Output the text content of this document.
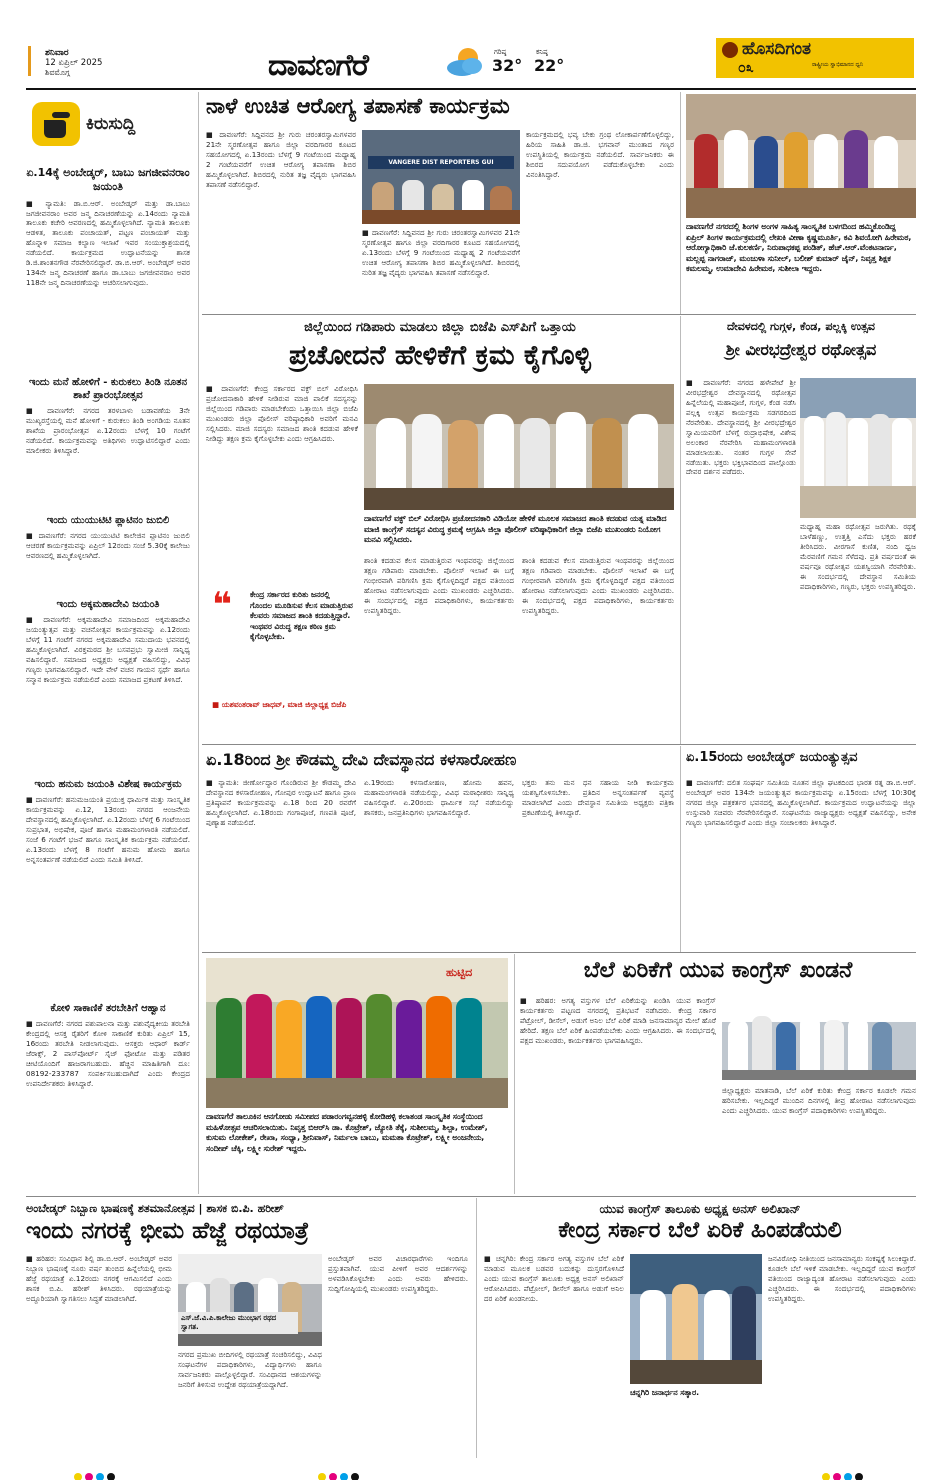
ಶನಿವಾರ
12 ಏಪ್ರಿಲ್ 2025
ಶಿವಮೊಗ್ಗ	ದಾವಣಗೆರೆ	ಗರಿಷ್ಠ
32°
ಕನಿಷ್ಠ
22°
ಹೊಸದಿಗಂತ
ರಾಷ್ಟ್ರೀಯ ಸ್ವಾಭಿಮಾನದ ಧ್ವನಿ
೦೩
ಕಿರುಸುದ್ದಿ
ಏ.14ಕ್ಕೆ ಅಂಬೇಡ್ಕರ್, ಬಾಬು ಜಗಜೀವನರಾಂ ಜಯಂತಿ
■ ನ್ಯಾಮತಿ: ಡಾ.ಬಿ.ಆರ್. ಅಂಬೇಡ್ಕರ್ ಮತ್ತು ಡಾ.ಬಾಬು ಜಗಜೀವನರಾಂ ಅವರ ಜನ್ಮ ದಿನಾಚರಣೆಯನ್ನು ಏ.14ರಂದು ನ್ಯಾಮತಿ ತಾಲೂಕು ಕಚೇರಿ ಆವರಣದಲ್ಲಿ ಹಮ್ಮಿಕೊಳ್ಳಲಾಗಿದೆ. ನ್ಯಾಮತಿ ತಾಲೂಕು ಆಡಳಿತ, ತಾಲೂಕು ಪಂಚಾಯತ್, ಪಟ್ಟಣ ಪಂಚಾಯತ್ ಮತ್ತು ಹೊನ್ನಾಳಿ ಸಮಾಜ ಕಲ್ಯಾಣ ಇಲಾಖೆ ಇವರ ಸಂಯುಕ್ತಾಶ್ರಯದಲ್ಲಿ ನಡೆಯಲಿದೆ. ಕಾರ್ಯಕ್ರಮದ ಉದ್ಘಾಟನೆಯನ್ನು ಶಾಸಕ ಡಿ.ಜಿ.ಶಾಂತನಗೌಡ ನೆರವೇರಿಸಲಿದ್ದಾರೆ. ಡಾ.ಬಿ.ಆರ್. ಅಂಬೇಡ್ಕರ್ ಅವರ 134ನೇ ಜನ್ಮ ದಿನಾಚರಣೆ ಹಾಗೂ ಡಾ.ಬಾಬು ಜಗಜೀವನರಾಂ ಅವರ 118ನೇ ಜನ್ಮ ದಿನಾಚರಣೆಯನ್ನು ಆಚರಿಸಲಾಗುವುದು.
ಇಂದು ಮನೆ ಹೋಳಿಗೆ - ಕುರುಕಲು ತಿಂಡಿ ನೂತನ ಶಾಖೆ ಪ್ರಾರಂಭೋತ್ಸವ
■ ದಾವಣಗೆರೆ: ನಗರದ ತರಳಬಾಳು ಬಡಾವಣೆಯ 3ನೇ ಮುಖ್ಯರಸ್ತೆಯಲ್ಲಿ ಮನೆ ಹೋಳಿಗೆ - ಕುರುಕಲು ತಿಂಡಿ ಅಂಗಡಿಯ ನೂತನ ಶಾಖೆಯ ಪ್ರಾರಂಭೋತ್ಸವ ಏ.12ರಂದು ಬೆಳಗ್ಗೆ 10 ಗಂಟೆಗೆ ನಡೆಯಲಿದೆ. ಕಾರ್ಯಕ್ರಮವನ್ನು ಅತಿಥಿಗಳು ಉದ್ಘಾಟಿಸಲಿದ್ದಾರೆ ಎಂದು ಮಾಲೀಕರು ತಿಳಿಸಿದ್ದಾರೆ.
ಇಂದು ಯುಯುಟಿಟಿ ಪ್ಲಾಟಿನಂ ಜುಬಿಲಿ
■ ದಾವಣಗೆರೆ: ನಗರದ ಯುಯುಟಿಟಿ ಕಾಲೇಜಿನ ಪ್ಲಾಟಿನಂ ಜುಬಿಲಿ ಆಚರಣೆ ಕಾರ್ಯಕ್ರಮವನ್ನು ಏಪ್ರಿಲ್ 12ರಂದು ಸಂಜೆ 5.30ಕ್ಕೆ ಕಾಲೇಜು ಆವರಣದಲ್ಲಿ ಹಮ್ಮಿಕೊಳ್ಳಲಾಗಿದೆ.
ಇಂದು ಅಕ್ಕಮಹಾದೇವಿ ಜಯಂತಿ
■ ದಾವಣಗೆರೆ: ಅಕ್ಕಮಹಾದೇವಿ ಸಮಾಜದಿಂದ ಅಕ್ಕಮಹಾದೇವಿ ಜಯಂತ್ಯುತ್ಸವ ಮತ್ತು ವಚನೋತ್ಸವ ಕಾರ್ಯಕ್ರಮವನ್ನು ಏ.12ರಂದು ಬೆಳಗ್ಗೆ 11 ಗಂಟೆಗೆ ನಗರದ ಅಕ್ಕಮಹಾದೇವಿ ಸಮುದಾಯ ಭವನದಲ್ಲಿ ಹಮ್ಮಿಕೊಳ್ಳಲಾಗಿದೆ. ವಿರಕ್ತಮಠದ ಶ್ರೀ ಬಸವಪ್ರಭು ಸ್ವಾಮೀಜಿ ಸಾನ್ನಿಧ್ಯ ವಹಿಸಲಿದ್ದಾರೆ. ಸಮಾಜದ ಅಧ್ಯಕ್ಷರು ಅಧ್ಯಕ್ಷತೆ ವಹಿಸಲಿದ್ದು, ವಿವಿಧ ಗಣ್ಯರು ಭಾಗವಹಿಸಲಿದ್ದಾರೆ. ಇದೇ ವೇಳೆ ವಚನ ಗಾಯನ ಸ್ಪರ್ಧೆ ಹಾಗೂ ಸನ್ಮಾನ ಕಾರ್ಯಕ್ರಮ ನಡೆಯಲಿದೆ ಎಂದು ಸಮಾಜದ ಪ್ರಕಟಣೆ ತಿಳಿಸಿದೆ.
ಇಂದು ಹನುಮ ಜಯಂತಿ ವಿಶೇಷ ಕಾರ್ಯಕ್ರಮ
■ ದಾವಣಗೆರೆ: ಹನುಮಜಯಂತಿ ಪ್ರಯುಕ್ತ ಧಾರ್ಮಿಕ ಮತ್ತು ಸಾಂಸ್ಕೃತಿಕ ಕಾರ್ಯಕ್ರಮವನ್ನು ಏ.12, 13ರಂದು ನಗರದ ಆಂಜನೇಯ ದೇವಸ್ಥಾನದಲ್ಲಿ ಹಮ್ಮಿಕೊಳ್ಳಲಾಗಿದೆ. ಏ.12ರಂದು ಬೆಳಗ್ಗೆ 6 ಗಂಟೆಯಿಂದ ಸುಪ್ರಭಾತ, ಅಭಿಷೇಕ, ಪೂಜೆ ಹಾಗೂ ಮಹಾಮಂಗಳಾರತಿ ನಡೆಯಲಿದೆ. ಸಂಜೆ 6 ಗಂಟೆಗೆ ಭಜನೆ ಹಾಗೂ ಸಾಂಸ್ಕೃತಿಕ ಕಾರ್ಯಕ್ರಮ ನಡೆಯಲಿದೆ. ಏ.13ರಂದು ಬೆಳಗ್ಗೆ 8 ಗಂಟೆಗೆ ಹನುಮ ಹೋಮ ಹಾಗೂ ಅನ್ನಸಂತರ್ಪಣೆ ನಡೆಯಲಿದೆ ಎಂದು ಸಮಿತಿ ತಿಳಿಸಿದೆ.
ಕೋಳಿ ಸಾಕಾಣಿಕೆ ತರಬೇತಿಗೆ ಆಹ್ವಾನ
■ ದಾವಣಗೆರೆ: ನಗರದ ಪಶುಪಾಲನಾ ಮತ್ತು ಪಶುವೈದ್ಯಕೀಯ ತರಬೇತಿ ಕೇಂದ್ರದಲ್ಲಿ ಆಸಕ್ತ ರೈತರಿಗೆ ಕೋಳಿ ಸಾಕಾಣಿಕೆ ಕುರಿತು ಏಪ್ರಿಲ್ 15, 16ರಂದು ತರಬೇತಿ ನೀಡಲಾಗುವುದು. ಆಸಕ್ತರು ಆಧಾರ್ ಕಾರ್ಡ್ ಜೆರಾಕ್ಸ್, 2 ಪಾಸ್‌ಪೋರ್ಟ್ ಸೈಜ್ ಫೋಟೋ ಮತ್ತು ಪಡಿತರ ಚೀಟಿಯೊಂದಿಗೆ ಹಾಜರಾಗಬಹುದು. ಹೆಚ್ಚಿನ ಮಾಹಿತಿಗಾಗಿ ದೂ: 08192-233787 ಸಂಪರ್ಕಿಸಬಹುದಾಗಿದೆ ಎಂದು ಕೇಂದ್ರದ ಉಪನಿರ್ದೇಶಕರು ತಿಳಿಸಿದ್ದಾರೆ.
ನಾಳೆ ಉಚಿತ ಆರೋಗ್ಯ ತಪಾಸಣೆ ಕಾರ್ಯಕ್ರಮ
■ ದಾವಣಗೆರೆ: ಸಿದ್ದಿವನದ ಶ್ರೀ ಗುರು ಚರಂತರಸ್ವಾಮಿಗಳವರ 21ನೇ ಸ್ಮರಣೋತ್ಸವ ಹಾಗೂ ಜಿಲ್ಲಾ ವರದಿಗಾರರ ಕೂಟದ ಸಹಯೋಗದಲ್ಲಿ ಏ.13ರಂದು ಬೆಳಗ್ಗೆ 9 ಗಂಟೆಯಿಂದ ಮಧ್ಯಾಹ್ನ 2 ಗಂಟೆಯವರೆಗೆ ಉಚಿತ ಆರೋಗ್ಯ ತಪಾಸಣಾ ಶಿಬಿರ ಹಮ್ಮಿಕೊಳ್ಳಲಾಗಿದೆ. ಶಿಬಿರದಲ್ಲಿ ನುರಿತ ತಜ್ಞ ವೈದ್ಯರು ಭಾಗವಹಿಸಿ ತಪಾಸಣೆ ನಡೆಸಲಿದ್ದಾರೆ.
VANGERE DIST REPORTERS GUI
■ ದಾವಣಗೆರೆ: ಸಿದ್ದಿವನದ ಶ್ರೀ ಗುರು ಚರಂತರಸ್ವಾಮಿಗಳವರ 21ನೇ ಸ್ಮರಣೋತ್ಸವ ಹಾಗೂ ಜಿಲ್ಲಾ ವರದಿಗಾರರ ಕೂಟದ ಸಹಯೋಗದಲ್ಲಿ ಏ.13ರಂದು ಬೆಳಗ್ಗೆ 9 ಗಂಟೆಯಿಂದ ಮಧ್ಯಾಹ್ನ 2 ಗಂಟೆಯವರೆಗೆ ಉಚಿತ ಆರೋಗ್ಯ ತಪಾಸಣಾ ಶಿಬಿರ ಹಮ್ಮಿಕೊಳ್ಳಲಾಗಿದೆ. ಶಿಬಿರದಲ್ಲಿ ನುರಿತ ತಜ್ಞ ವೈದ್ಯರು ಭಾಗವಹಿಸಿ ತಪಾಸಣೆ ನಡೆಸಲಿದ್ದಾರೆ.
ಕಾರ್ಯಕ್ರಮದಲ್ಲಿ ಭವ್ಯ ಬೇಕು ಗ್ರಂಥ ಲೋಕಾರ್ಪಣೆಗೊಳ್ಳಲಿದ್ದು, ಹಿರಿಯ ಸಾಹಿತಿ ಡಾ.ಜಿ. ಭಗವಾನ್ ಮುಂತಾದ ಗಣ್ಯರ ಉಪಸ್ಥಿತಿಯಲ್ಲಿ ಕಾರ್ಯಕ್ರಮ ನಡೆಯಲಿದೆ. ಸಾರ್ವಜನಿಕರು ಈ ಶಿಬಿರದ ಸದುಪಯೋಗ ಪಡೆದುಕೊಳ್ಳಬೇಕು ಎಂದು ವಿನಂತಿಸಿದ್ದಾರೆ.
ದಾವಣಗೆರೆ ನಗರದಲ್ಲಿ ಶಿಂಗಳ ಅಂಗಳ ಸಾಹಿತ್ಯ ಸಾಂಸ್ಕೃತಿಕ ಬಳಗದಿಂದ ಹಮ್ಮಿಕೊಂಡಿದ್ದ ಏಪ್ರಿಲ್ ತಿಂಗಳ ಕಾರ್ಯಕ್ರಮದಲ್ಲಿ ಲೇಖಕಿ ವೀಣಾ ಕೃಷ್ಣಮೂರ್ತಿ, ಕವಿ ಶಿವಯೋಗಿ ಹಿರೇಮಠ, ಆರೋಗ್ಯಾಧಿಕಾರಿ ಜೆ.ಕುಲಕರ್ಣಿ, ನಿರುಪಾಧಕಪ್ಪ ಪಂಡಿತ್, ಹೆಚ್.ಆರ್.ವೆಂಕಟನಾರ್ಣ, ಮಲ್ಲಪ್ಪ ನಾಗರಾಜ್, ಮಂಜುಳಾ ಸುನೀಲ್, ಬಲೀಶ್ ಕುಮಾರ್ ಜೈನ್, ನಿವೃತ್ತ ಶಿಕ್ಷಕ ಕಮಲಮ್ಮ, ಉಮಾದೇವಿ ಹಿರೇಮಠ, ಸುಶೀಲಾ ಇದ್ದರು.
ಜಿಲ್ಲೆಯಿಂದ ಗಡಿಪಾರು ಮಾಡಲು ಜಿಲ್ಲಾ ಬಿಜೆಪಿ ಎಸ್‌ಪಿಗೆ ಒತ್ತಾಯ
ಪ್ರಚೋದನೆ ಹೇಳಿಕೆಗೆ ಕ್ರಮ ಕೈಗೊಳ್ಳಿ
■ ದಾವಣಗೆರೆ: ಕೇಂದ್ರ ಸರ್ಕಾರದ ವಕ್ಫ್ ಬಿಲ್ ವಿರೋಧಿಸಿ ಪ್ರಚೋದನಾಕಾರಿ ಹೇಳಿಕೆ ನೀಡಿರುವ ಮಾಜಿ ಪಾಲಿಕೆ ಸದಸ್ಯನನ್ನು ಜಿಲ್ಲೆಯಿಂದ ಗಡಿಪಾರು ಮಾಡಬೇಕೆಂದು ಒತ್ತಾಯಿಸಿ ಜಿಲ್ಲಾ ಬಿಜೆಪಿ ಮುಖಂಡರು ಜಿಲ್ಲಾ ಪೊಲೀಸ್ ವರಿಷ್ಠಾಧಿಕಾರಿ ಅವರಿಗೆ ಮನವಿ ಸಲ್ಲಿಸಿದರು. ಮಾಜಿ ಸದಸ್ಯರು ಸಮಾಜದ ಶಾಂತಿ ಕದಡುವ ಹೇಳಿಕೆ ನೀಡಿದ್ದು ತಕ್ಷಣ ಕ್ರಮ ಕೈಗೊಳ್ಳಬೇಕು ಎಂದು ಆಗ್ರಹಿಸಿದರು.
ದಾವಣಗೆರೆ ವಕ್ಫ್ ಬಿಲ್ ವಿರೋಧಿಸಿ ಪ್ರಚೋದನಕಾರಿ ವಿಡಿಯೋ ಹೇಳಿಕೆ ಮೂಲಕ ಸಮಾಜದ ಶಾಂತಿ ಕದಡುವ ಯತ್ನ ಮಾಡಿದ ಮಾಜಿ ಕಾಂಗ್ರೆಸ್ ಸದಸ್ಯನ ವಿರುದ್ಧ ಕ್ರಮಕ್ಕೆ ಆಗ್ರಹಿಸಿ ಜಿಲ್ಲಾ ಪೊಲೀಸ್ ವರಿಷ್ಠಾಧಿಕಾರಿಗೆ ಜಿಲ್ಲಾ ಬಿಜೆಪಿ ಮುಖಂಡರು ನಿಯೋಗ ಮನವಿ ಸಲ್ಲಿಸಿದರು.
❝ ಕೇಂದ್ರ ಸರ್ಕಾರದ ಕುರಿತು ಜನರಲ್ಲಿ ಗೊಂದಲ ಮೂಡಿಸುವ ಕೆಲಸ ಮಾಡುತ್ತಿರುವ ಕೆಲವರು ಸಮಾಜದ ಶಾಂತಿ ಕದಡುತ್ತಿದ್ದಾರೆ. ಇಂಥವರ ವಿರುದ್ಧ ತಕ್ಷಣ ಕಠಿಣ ಕ್ರಮ ಕೈಗೊಳ್ಳಬೇಕು.
■ ಯಶವಂತರಾವ್ ಜಾಧವ್, ಮಾಜಿ ಜಿಲ್ಲಾಧ್ಯಕ್ಷ ಬಿಜೆಪಿ
ಶಾಂತಿ ಕದಡುವ ಕೆಲಸ ಮಾಡುತ್ತಿರುವ ಇಂಥವರನ್ನು ಜಿಲ್ಲೆಯಿಂದ ತಕ್ಷಣ ಗಡಿಪಾರು ಮಾಡಬೇಕು. ಪೊಲೀಸ್ ಇಲಾಖೆ ಈ ಬಗ್ಗೆ ಗಂಭೀರವಾಗಿ ಪರಿಗಣಿಸಿ ಕ್ರಮ ಕೈಗೊಳ್ಳದಿದ್ದರೆ ಪಕ್ಷದ ವತಿಯಿಂದ ಹೋರಾಟ ನಡೆಸಲಾಗುವುದು ಎಂದು ಮುಖಂಡರು ಎಚ್ಚರಿಸಿದರು. ಈ ಸಂದರ್ಭದಲ್ಲಿ ಪಕ್ಷದ ಪದಾಧಿಕಾರಿಗಳು, ಕಾರ್ಯಕರ್ತರು ಉಪಸ್ಥಿತರಿದ್ದರು.
ಶಾಂತಿ ಕದಡುವ ಕೆಲಸ ಮಾಡುತ್ತಿರುವ ಇಂಥವರನ್ನು ಜಿಲ್ಲೆಯಿಂದ ತಕ್ಷಣ ಗಡಿಪಾರು ಮಾಡಬೇಕು. ಪೊಲೀಸ್ ಇಲಾಖೆ ಈ ಬಗ್ಗೆ ಗಂಭೀರವಾಗಿ ಪರಿಗಣಿಸಿ ಕ್ರಮ ಕೈಗೊಳ್ಳದಿದ್ದರೆ ಪಕ್ಷದ ವತಿಯಿಂದ ಹೋರಾಟ ನಡೆಸಲಾಗುವುದು ಎಂದು ಮುಖಂಡರು ಎಚ್ಚರಿಸಿದರು. ಈ ಸಂದರ್ಭದಲ್ಲಿ ಪಕ್ಷದ ಪದಾಧಿಕಾರಿಗಳು, ಕಾರ್ಯಕರ್ತರು ಉಪಸ್ಥಿತರಿದ್ದರು.
ದೇವಳದಲ್ಲಿ ಗುಗ್ಗಳ, ಕೆಂಡ, ಪಲ್ಲಕ್ಕಿ ಉತ್ಸವ
ಶ್ರೀ ವೀರಭದ್ರೇಶ್ವರ ರಥೋತ್ಸವ
■ ದಾವಣಗೆರೆ: ನಗರದ ಹಳೇಪೇಟೆ ಶ್ರೀ ವೀರಭದ್ರೇಶ್ವರ ದೇವಸ್ಥಾನದಲ್ಲಿ ರಥೋತ್ಸವ ಹಿನ್ನೆಲೆಯಲ್ಲಿ ಮಹಾಪೂಜೆ, ಗುಗ್ಗಳ, ಕೆಂಡ ನಡೆಸಿ ಪಲ್ಲಕ್ಕಿ ಉತ್ಸವ ಕಾರ್ಯಕ್ರಮ ಸಡಗರದಿಂದ ನೆರವೇರಿತು. ದೇವಸ್ಥಾನದಲ್ಲಿ ಶ್ರೀ ವೀರಭದ್ರೇಶ್ವರ ಸ್ವಾಮಿಯವರಿಗೆ ಬೆಳಗ್ಗೆ ರುದ್ರಾಭಿಷೇಕ, ವಿಶೇಷ ಅಲಂಕಾರ ನೆರವೇರಿಸಿ ಮಹಾಮಂಗಳಾರತಿ ಮಾಡಲಾಯಿತು. ನಂತರ ಗುಗ್ಗಳ ಸೇವೆ ನಡೆಯಿತು. ಭಕ್ತರು ಭಕ್ತಿಭಾವದಿಂದ ಪಾಲ್ಗೊಂಡು ದೇವರ ದರ್ಶನ ಪಡೆದರು.
ಮಧ್ಯಾಹ್ನ ಮಹಾ ರಥೋತ್ಸವ ಜರುಗಿತು. ರಥಕ್ಕೆ ಬಾಳೆಹಣ್ಣು, ಉತ್ತತ್ತಿ ಎಸೆದು ಭಕ್ತರು ಹರಕೆ ತೀರಿಸಿದರು. ವೀರಗಾಸೆ ಕುಣಿತ, ನಂದಿ ಧ್ವಜ ಮೆರವಣಿಗೆ ಗಮನ ಸೆಳೆದವು. ಪ್ರತಿ ವರ್ಷದಂತೆ ಈ ವರ್ಷವೂ ರಥೋತ್ಸವ ಯಶಸ್ವಿಯಾಗಿ ನೆರವೇರಿತು. ಈ ಸಂದರ್ಭದಲ್ಲಿ ದೇವಸ್ಥಾನ ಸಮಿತಿಯ ಪದಾಧಿಕಾರಿಗಳು, ಗಣ್ಯರು, ಭಕ್ತರು ಉಪಸ್ಥಿತರಿದ್ದರು.
ಏ.18ರಿಂದ ಶ್ರೀ ಕೌಡಮ್ಮ ದೇವಿ ದೇವಸ್ಥಾನದ ಕಳಸಾರೋಹಣ
■ ನ್ಯಾಮತಿ: ಜೀರ್ಣೋದ್ಧಾರ ಗೊಂಡಿರುವ ಶ್ರೀ ಕೌಡಮ್ಮ ದೇವಿ ದೇವಸ್ಥಾನದ ಕಳಸಾರೋಹಣ, ಗೋಪುರ ಉದ್ಘಾಟನೆ ಹಾಗೂ ಪ್ರಾಣ ಪ್ರತಿಷ್ಠಾಪನೆ ಕಾರ್ಯಕ್ರಮವನ್ನು ಏ.18 ರಿಂದ 20 ರವರೆಗೆ ಹಮ್ಮಿಕೊಳ್ಳಲಾಗಿದೆ. ಏ.18ರಂದು ಗಂಗಾಪೂಜೆ, ಗಣಪತಿ ಪೂಜೆ, ಪುಣ್ಯಾಹ ನಡೆಯಲಿದೆ.
ಏ.19ರಂದು ಕಳಸಾರೋಹಣ, ಹೋಮ ಹವನ, ಮಹಾಮಂಗಳಾರತಿ ನಡೆಯಲಿದ್ದು, ವಿವಿಧ ಮಠಾಧೀಶರು ಸಾನ್ನಿಧ್ಯ ವಹಿಸಲಿದ್ದಾರೆ. ಏ.20ರಂದು ಧಾರ್ಮಿಕ ಸಭೆ ನಡೆಯಲಿದ್ದು ಶಾಸಕರು, ಜನಪ್ರತಿನಿಧಿಗಳು ಭಾಗವಹಿಸಲಿದ್ದಾರೆ.
ಭಕ್ತರು ತನು ಮನ ಧನ ಸಹಾಯ ನೀಡಿ ಕಾರ್ಯಕ್ರಮ ಯಶಸ್ವಿಗೊಳಿಸಬೇಕು. ಪ್ರತಿದಿನ ಅನ್ನಸಂತರ್ಪಣೆ ವ್ಯವಸ್ಥೆ ಮಾಡಲಾಗಿದೆ ಎಂದು ದೇವಸ್ಥಾನ ಸಮಿತಿಯ ಅಧ್ಯಕ್ಷರು ಪತ್ರಿಕಾ ಪ್ರಕಟಣೆಯಲ್ಲಿ ತಿಳಿಸಿದ್ದಾರೆ.
ಏ.15ರಂದು ಅಂಬೇಡ್ಕರ್ ಜಯಂತ್ಯುತ್ಸವ
■ ದಾವಣಗೆರೆ: ದಲಿತ ಸಂಘರ್ಷ ಸಮಿತಿಯ ನೂತನ ಜಿಲ್ಲಾ ಘಟಕದಿಂದ ಭಾರತ ರತ್ನ ಡಾ.ಬಿ.ಆರ್. ಅಂಬೇಡ್ಕರ್ ಅವರ 134ನೇ ಜಯಂತ್ಯುತ್ಸವ ಕಾರ್ಯಕ್ರಮವನ್ನು ಏ.15ರಂದು ಬೆಳಗ್ಗೆ 10:30ಕ್ಕೆ ನಗರದ ಜಿಲ್ಲಾ ಪತ್ರಕರ್ತರ ಭವನದಲ್ಲಿ ಹಮ್ಮಿಕೊಳ್ಳಲಾಗಿದೆ. ಕಾರ್ಯಕ್ರಮದ ಉದ್ಘಾಟನೆಯನ್ನು ಜಿಲ್ಲಾ ಉಸ್ತುವಾರಿ ಸಚಿವರು ನೆರವೇರಿಸಲಿದ್ದಾರೆ. ಸಂಘಟನೆಯ ರಾಜ್ಯಾಧ್ಯಕ್ಷರು ಅಧ್ಯಕ್ಷತೆ ವಹಿಸಲಿದ್ದು, ಅನೇಕ ಗಣ್ಯರು ಭಾಗವಹಿಸಲಿದ್ದಾರೆ ಎಂದು ಜಿಲ್ಲಾ ಸಂಚಾಲಕರು ತಿಳಿಸಿದ್ದಾರೆ.
ಹುಟ್ಟಿದ
ದಾವಣಗೆರೆ ತಾಲೂಕಿನ ಆನಗೋಡು ಸಮೀಪದ ಪಡಾರಂಗವ್ವನಹಳ್ಳಿ ಕೋಡಿಹಳ್ಳಿ ಕಲಾತಂಡ ಸಾಂಸ್ಕೃತಿಕ ಸಂಸ್ಥೆಯಿಂದ ಮಹಿಳೋತ್ಸವ ಆಚರಿಸಲಾಯಿತು. ನಿವೃತ್ತ ಬಿಆರ್‌ಸಿ ಡಾ. ಕೊಟ್ರೇಶ್, ಜ್ಯೋತಿ ತೆಕ್ಕೆ, ಸುಶೀಲಮ್ಮ, ಶಿಲ್ಪಾ, ಉಮೇಶ್, ಕುಸುಮ ಲೋಕೇಶ್, ರೇಖಾ, ಸಂಧ್ಯಾ, ಶ್ರೀನಿವಾಸ್, ನಿರ್ಮಲಾ ಬಾಬು, ಮಮತಾ ಕೊಟ್ರೇಶ್, ಲಕ್ಷ್ಮೀ ಅಂಜನೇಯ, ಸಂದೀಪ್ ಚೆಕ್ಕಿ, ಲಕ್ಷ್ಮೀ ಸುರೇಶ್ ಇದ್ದರು.
ಬೆಲೆ ಏರಿಕೆಗೆ ಯುವ ಕಾಂಗ್ರೆಸ್ ಖಂಡನೆ
■ ಹರಿಹರ: ಅಗತ್ಯ ವಸ್ತುಗಳ ಬೆಲೆ ಏರಿಕೆಯನ್ನು ಖಂಡಿಸಿ ಯುವ ಕಾಂಗ್ರೆಸ್ ಕಾರ್ಯಕರ್ತರು ಪಟ್ಟಣದ ನಗರದಲ್ಲಿ ಪ್ರತಿಭಟನೆ ನಡೆಸಿದರು. ಕೇಂದ್ರ ಸರ್ಕಾರ ಪೆಟ್ರೋಲ್, ಡೀಸೆಲ್, ಅಡುಗೆ ಅನಿಲ ಬೆಲೆ ಏರಿಕೆ ಮಾಡಿ ಜನಸಾಮಾನ್ಯರ ಮೇಲೆ ಹೊರೆ ಹೇರಿದೆ. ತಕ್ಷಣ ಬೆಲೆ ಏರಿಕೆ ಹಿಂಪಡೆಯಬೇಕು ಎಂದು ಆಗ್ರಹಿಸಿದರು. ಈ ಸಂದರ್ಭದಲ್ಲಿ ಪಕ್ಷದ ಮುಖಂಡರು, ಕಾರ್ಯಕರ್ತರು ಭಾಗವಹಿಸಿದ್ದರು.
ಜಿಲ್ಲಾಧ್ಯಕ್ಷರು ಮಾತನಾಡಿ, ಬೆಲೆ ಏರಿಕೆ ಕುರಿತು ಕೇಂದ್ರ ಸರ್ಕಾರ ಕೂಡಲೇ ಗಮನ ಹರಿಸಬೇಕು. ಇಲ್ಲದಿದ್ದರೆ ಮುಂದಿನ ದಿನಗಳಲ್ಲಿ ತೀವ್ರ ಹೋರಾಟ ನಡೆಸಲಾಗುವುದು ಎಂದು ಎಚ್ಚರಿಸಿದರು. ಯುವ ಕಾಂಗ್ರೆಸ್ ಪದಾಧಿಕಾರಿಗಳು ಉಪಸ್ಥಿತರಿದ್ದರು.
ಅಂಬೇಡ್ಕರ್ ನಿಬ್ಬಾಣ ಭಾಷಣಕ್ಕೆ ಶತಮಾನೋತ್ಸವ | ಶಾಸಕ ಬಿ.ಪಿ. ಹರೀಶ್
ಇಂದು ನಗರಕ್ಕೆ ಭೀಮ ಹೆಜ್ಜೆ ರಥಯಾತ್ರೆ
■ ಹರಿಹರ: ಸಂವಿಧಾನ ಶಿಲ್ಪಿ ಡಾ.ಬಿ.ಆರ್. ಅಂಬೇಡ್ಕರ್ ಅವರ ನಿಬ್ಬಾಣ ಭಾಷಣಕ್ಕೆ ನೂರು ವರ್ಷ ತುಂಬಿದ ಹಿನ್ನೆಲೆಯಲ್ಲಿ ಭೀಮ ಹೆಜ್ಜೆ ರಥಯಾತ್ರೆ ಏ.12ರಂದು ನಗರಕ್ಕೆ ಆಗಮಿಸಲಿದೆ ಎಂದು ಶಾಸಕ ಬಿ.ಪಿ. ಹರೀಶ್ ತಿಳಿಸಿದರು. ರಥಯಾತ್ರೆಯನ್ನು ಅದ್ದೂರಿಯಾಗಿ ಸ್ವಾಗತಿಸಲು ಸಿದ್ಧತೆ ಮಾಡಲಾಗಿದೆ.
ಎಸ್.ಜೆ.ವಿ.ಪಿ.ಕಾಲೇಜು ಮುಂಭಾಗ ರಥದ ಸ್ವಾಗತ.
ನಗರದ ಪ್ರಮುಖ ಬೀದಿಗಳಲ್ಲಿ ರಥಯಾತ್ರೆ ಸಂಚರಿಸಲಿದ್ದು, ವಿವಿಧ ಸಂಘಟನೆಗಳ ಪದಾಧಿಕಾರಿಗಳು, ವಿದ್ಯಾರ್ಥಿಗಳು ಹಾಗೂ ಸಾರ್ವಜನಿಕರು ಪಾಲ್ಗೊಳ್ಳಲಿದ್ದಾರೆ. ಸಂವಿಧಾನದ ಆಶಯಗಳನ್ನು ಜನರಿಗೆ ತಿಳಿಸುವ ಉದ್ದೇಶ ರಥಯಾತ್ರೆಯದ್ದಾಗಿದೆ.
ಅಂಬೇಡ್ಕರ್ ಅವರ ವಿಚಾರಧಾರೆಗಳು ಇಂದಿಗೂ ಪ್ರಸ್ತುತವಾಗಿವೆ. ಯುವ ಪೀಳಿಗೆ ಅವರ ಆದರ್ಶಗಳನ್ನು ಅಳವಡಿಸಿಕೊಳ್ಳಬೇಕು ಎಂದು ಅವರು ಹೇಳಿದರು. ಸುದ್ದಿಗೋಷ್ಠಿಯಲ್ಲಿ ಮುಖಂಡರು ಉಪಸ್ಥಿತರಿದ್ದರು.
ಯುವ ಕಾಂಗ್ರೆಸ್ ತಾಲೂಕು ಅಧ್ಯಕ್ಷ ಅನಸ್ ಅಲಿಖಾನ್
ಕೇಂದ್ರ ಸರ್ಕಾರ ಬೆಲೆ ಏರಿಕೆ ಹಿಂಪಡೆಯಲಿ
■ ಚನ್ನಗಿರಿ: ಕೇಂದ್ರ ಸರ್ಕಾರ ಅಗತ್ಯ ವಸ್ತುಗಳ ಬೆಲೆ ಏರಿಕೆ ಮಾಡುವ ಮೂಲಕ ಬಡವರ ಬದುಕನ್ನು ದುಸ್ತರಗೊಳಿಸಿದೆ ಎಂದು ಯುವ ಕಾಂಗ್ರೆಸ್ ತಾಲೂಕು ಅಧ್ಯಕ್ಷ ಅನಸ್ ಅಲಿಖಾನ್ ಆರೋಪಿಸಿದರು. ಪೆಟ್ರೋಲ್, ಡೀಸೆಲ್ ಹಾಗೂ ಅಡುಗೆ ಅನಿಲ ದರ ಏರಿಕೆ ಖಂಡನೀಯ.
ಚನ್ನಗಿರಿ ಜನಾರ್ಧನ ಸತ್ಕಾರ.
ಜನವಿರೋಧಿ ನೀತಿಯಿಂದ ಜನಸಾಮಾನ್ಯರು ಸಂಕಷ್ಟಕ್ಕೆ ಸಿಲುಕಿದ್ದಾರೆ. ಕೂಡಲೇ ಬೆಲೆ ಇಳಿಕೆ ಮಾಡಬೇಕು. ಇಲ್ಲದಿದ್ದರೆ ಯುವ ಕಾಂಗ್ರೆಸ್ ವತಿಯಿಂದ ರಾಜ್ಯಾದ್ಯಂತ ಹೋರಾಟ ನಡೆಸಲಾಗುವುದು ಎಂದು ಎಚ್ಚರಿಸಿದರು. ಈ ಸಂದರ್ಭದಲ್ಲಿ ಪದಾಧಿಕಾರಿಗಳು ಉಪಸ್ಥಿತರಿದ್ದರು.
